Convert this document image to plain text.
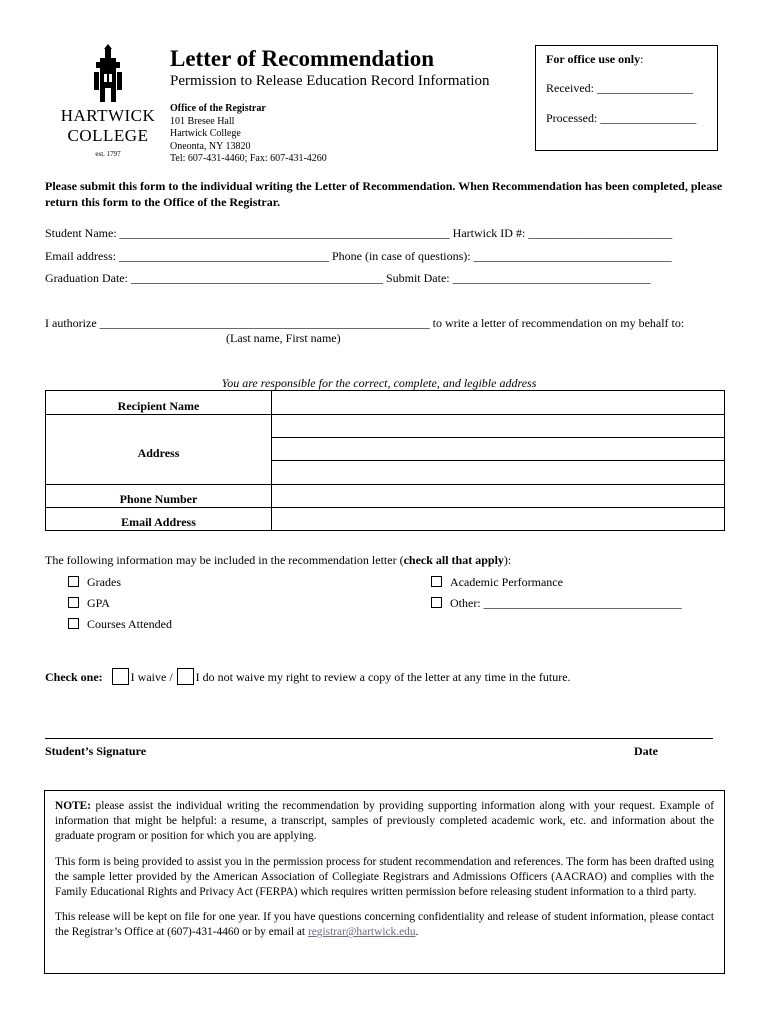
HARTWICK
COLLEGE
est. 1797
Letter of Recommendation
Permission to Release Education Record Information
Office of the Registrar
101 Bresee Hall
Hartwick College
Oneonta, NY 13820
Tel: 607-431-4460; Fax: 607-431-4260
For office use only:
Received: ________________
Processed: ________________
Please submit this form to the individual writing the Letter of Recommendation. When Recommendation has been completed, please return this form to the Office of the Registrar.
Student Name: _______________________________________________________ Hartwick ID #: ________________________
Email address: ___________________________________ Phone (in case of questions): _________________________________
Graduation Date: __________________________________________ Submit Date: _________________________________
I authorize _______________________________________________________ to write a letter of recommendation on my behalf to:
(Last name, First name)
You are responsible for the correct, complete, and legible address
Recipient Name
Address
Phone Number
Email Address
The following information may be included in the recommendation letter (check all that apply):
Grades
GPA
Courses Attended
Academic Performance
Other: _________________________________
Check one: I waive / I do not waive my right to review a copy of the letter at any time in the future.
Student’s Signature	Date

NOTE: please assist the individual writing the recommendation by providing supporting information along with your request. Example of information that might be helpful: a resume, a transcript, samples of previously completed academic work, etc. and information about the graduate program or position for which you are applying.

This form is being provided to assist you in the permission process for student recommendation and references. The form has been drafted using the sample letter provided by the American Association of Collegiate Registrars and Admissions Officers (AACRAO) and complies with the Family Educational Rights and Privacy Act (FERPA) which requires written permission before releasing student information to a third party.

This release will be kept on file for one year. If you have questions concerning confidentiality and release of student information, please contact the Registrar’s Office at (607)-431-4460 or by email at registrar@hartwick.edu.
